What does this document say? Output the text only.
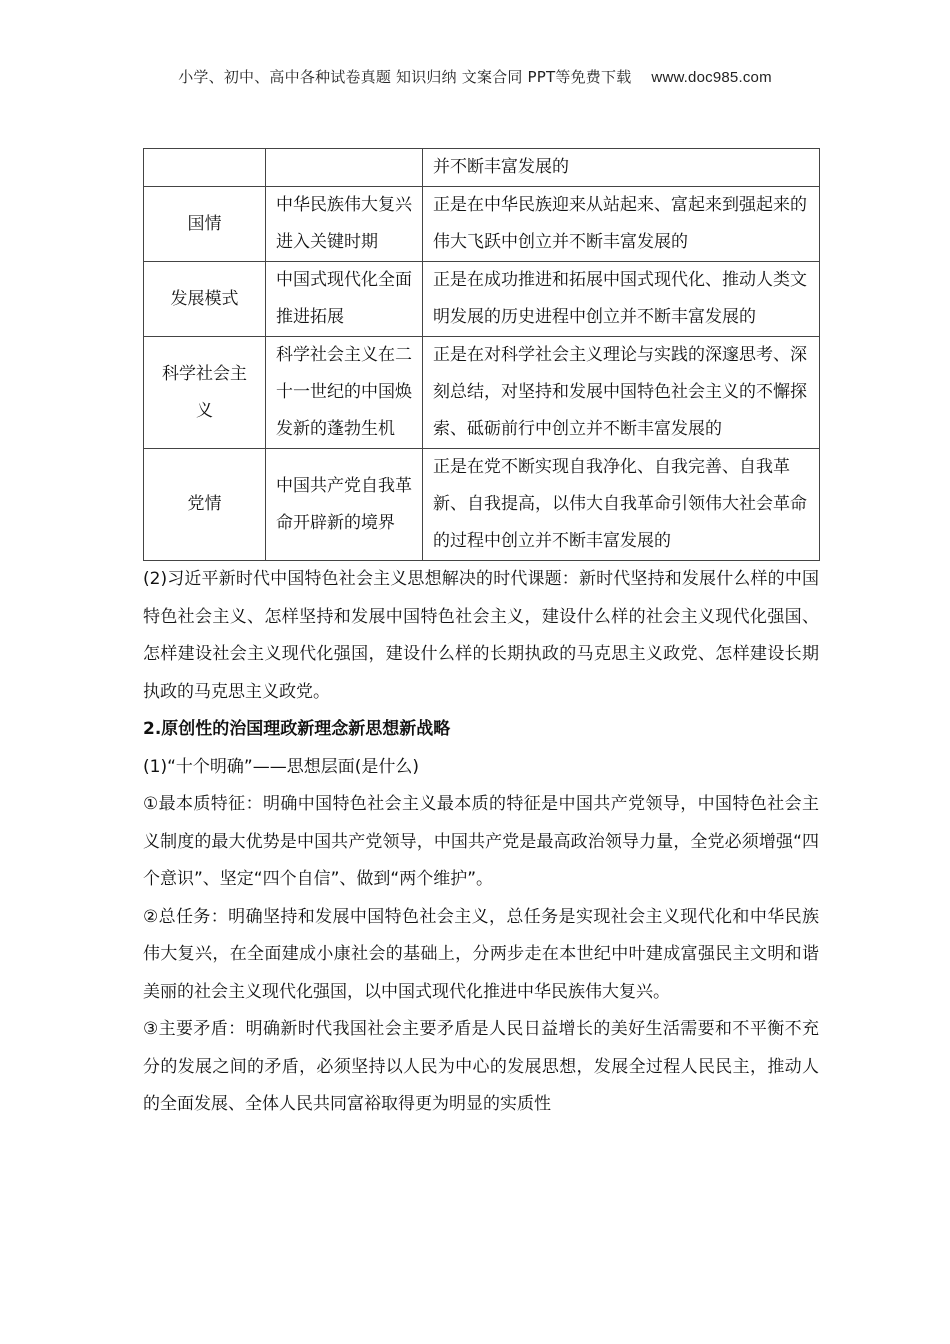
小学、初中、高中各种试卷真题 知识归纳 文案合同 PPT等免费下载 www.doc985.com
		并不断丰富发展的
国情	中华民族伟大复兴进入关键时期	正是在中华民族迎来从站起来、富起来到强起来的伟大飞跃中创立并不断丰富发展的
发展模式	中国式现代化全面推进拓展	正是在成功推进和拓展中国式现代化、推动人类文明发展的历史进程中创立并不断丰富发展的
科学社会主义	科学社会主义在二十一世纪的中国焕发新的蓬勃生机	正是在对科学社会主义理论与实践的深邃思考、深刻总结，对坚持和发展中国特色社会主义的不懈探索、砥砺前行中创立并不断丰富发展的
党情	中国共产党自我革命开辟新的境界	正是在党不断实现自我净化、自我完善、自我革新、自我提高，以伟大自我革命引领伟大社会革命的过程中创立并不断丰富发展的

(2)习近平新时代中国特色社会主义思想解决的时代课题：新时代坚持和发展什么样的中国特色社会主义、怎样坚持和发展中国特色社会主义，建设什么样的社会主义现代化强国、怎样建设社会主义现代化强国，建设什么样的长期执政的马克思主义政党、怎样建设长期执政的马克思主义政党。

2.原创性的治国理政新理念新思想新战略

(1)“十个明确”——思想层面(是什么)

①最本质特征：明确中国特色社会主义最本质的特征是中国共产党领导，中国特色社会主义制度的最大优势是中国共产党领导，中国共产党是最高政治领导力量，全党必须增强“四个意识”、坚定“四个自信”、做到“两个维护”。

②总任务：明确坚持和发展中国特色社会主义，总任务是实现社会主义现代化和中华民族伟大复兴，在全面建成小康社会的基础上，分两步走在本世纪中叶建成富强民主文明和谐美丽的社会主义现代化强国，以中国式现代化推进中华民族伟大复兴。

③主要矛盾：明确新时代我国社会主要矛盾是人民日益增长的美好生活需要和不平衡不充分的发展之间的矛盾，必须坚持以人民为中心的发展思想，发展全过程人民民主，推动人的全面发展、全体人民共同富裕取得更为明显的实质性
